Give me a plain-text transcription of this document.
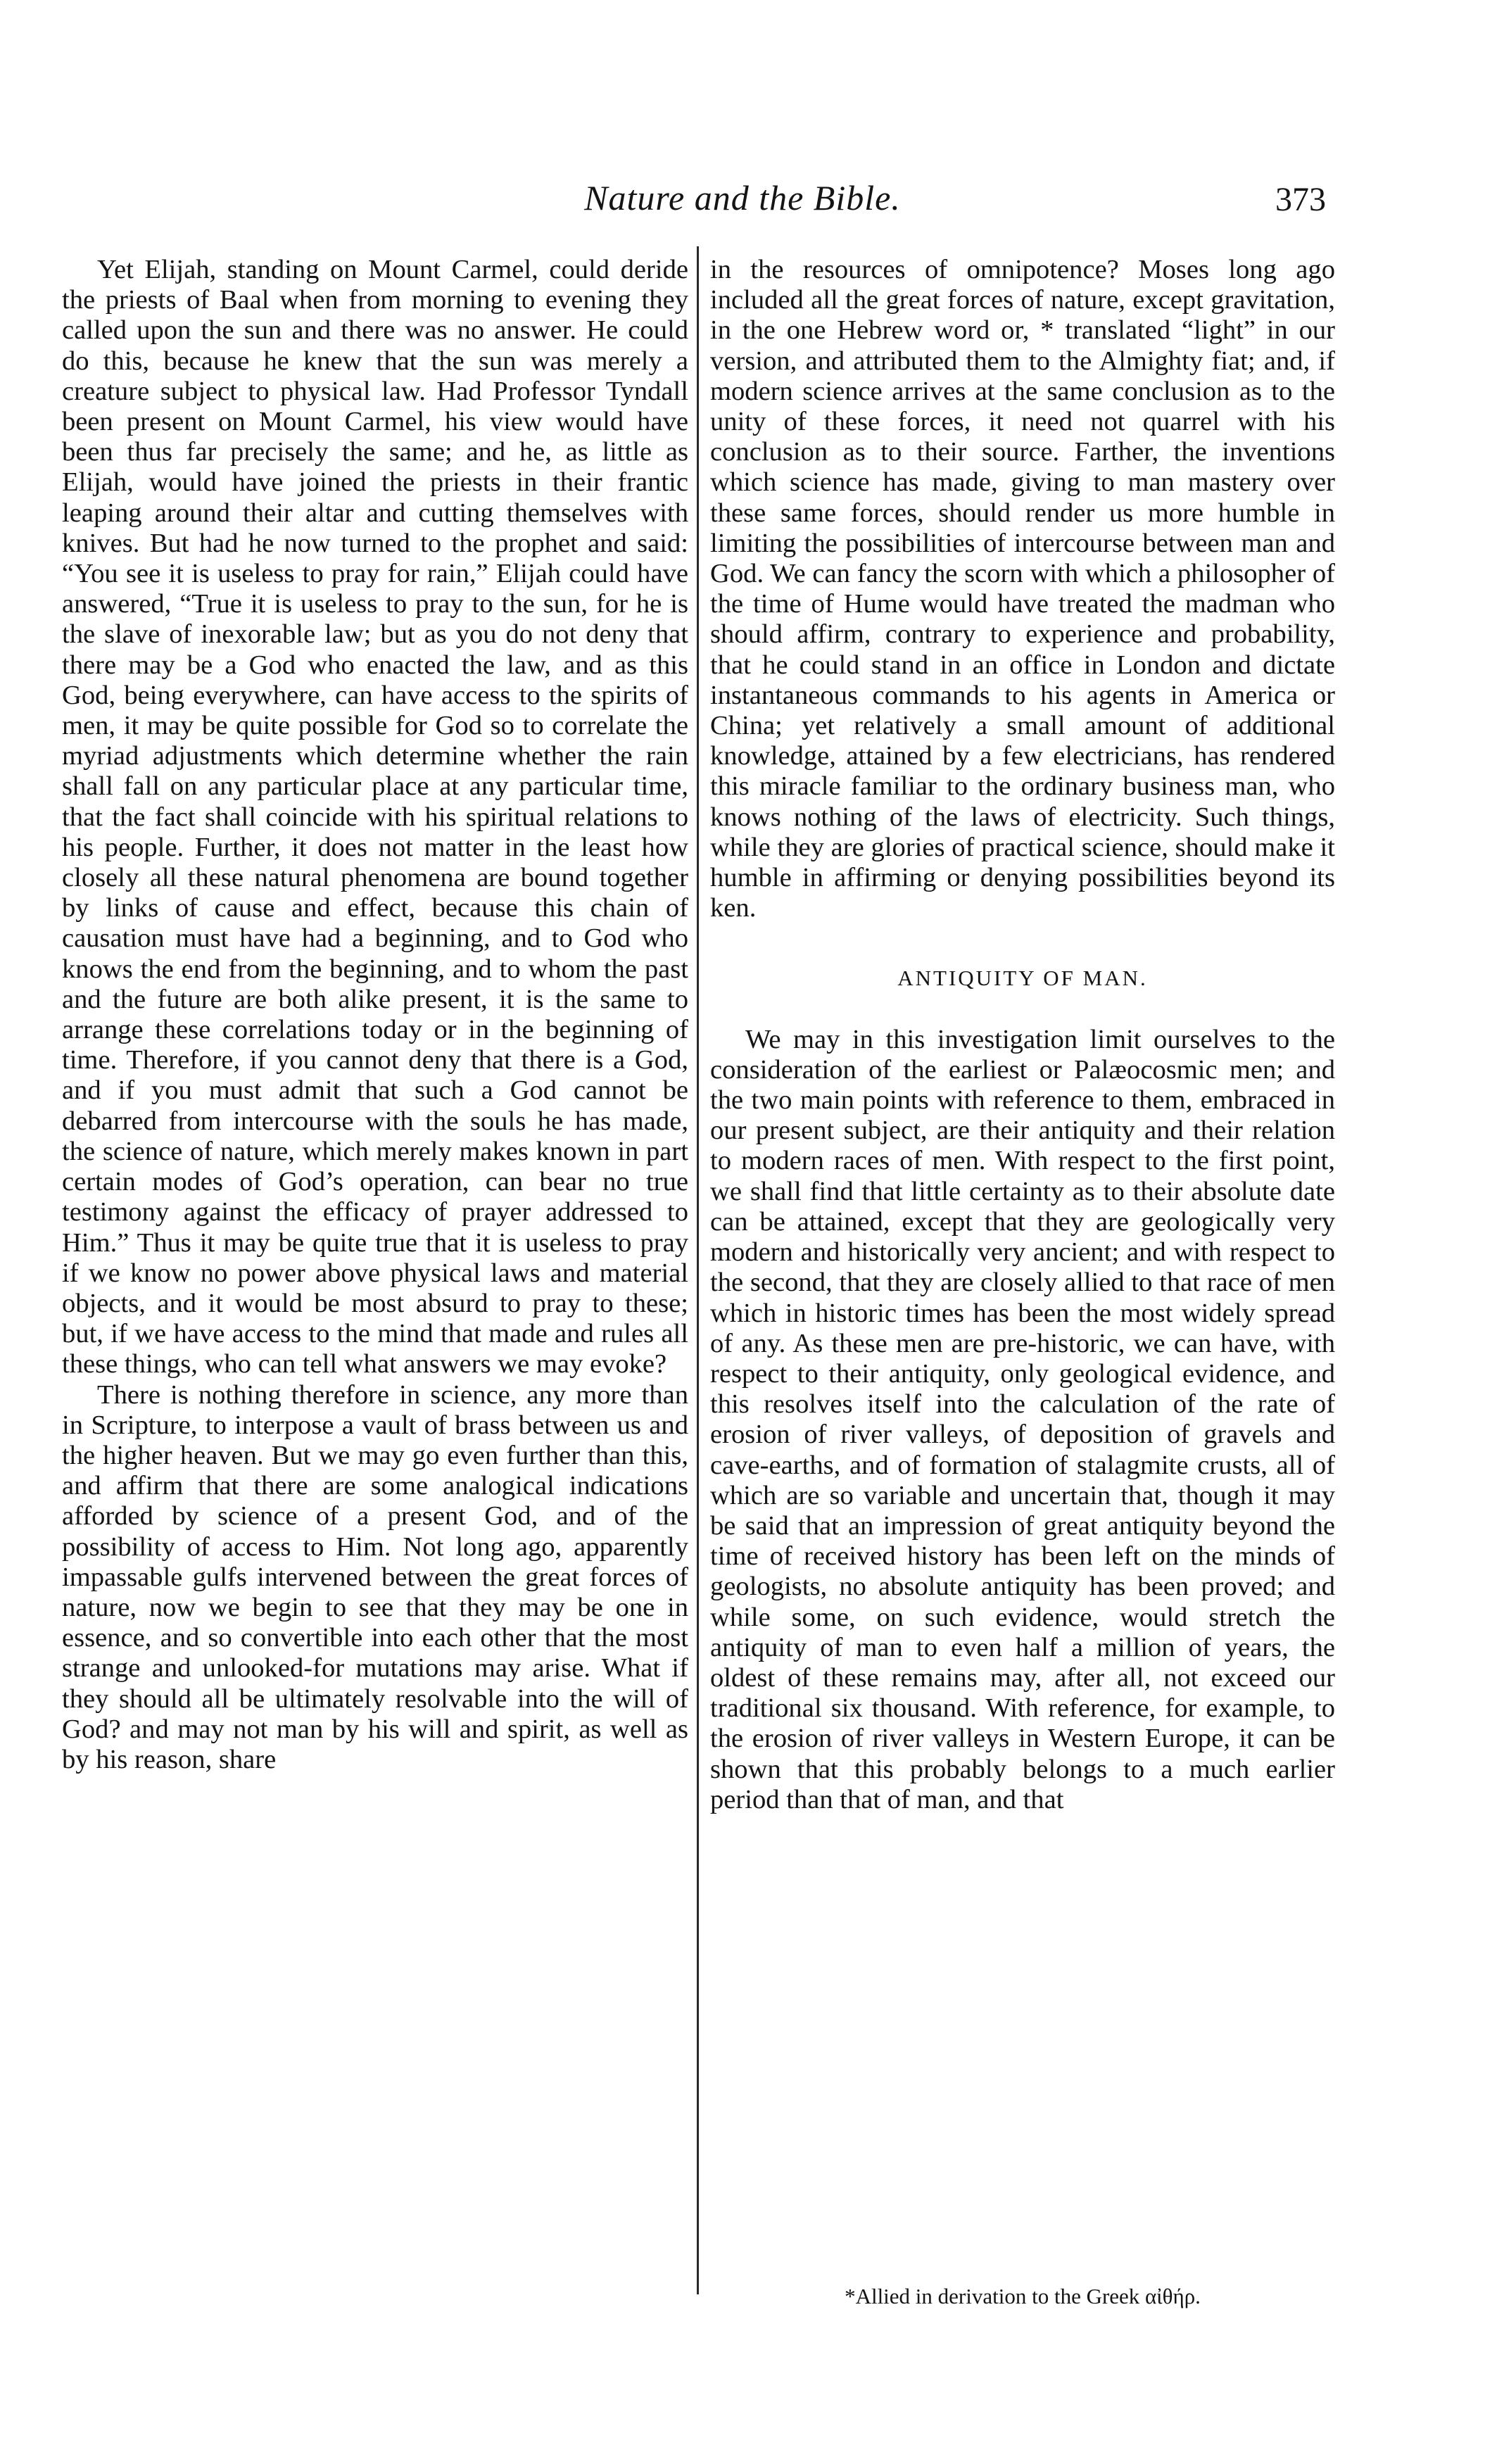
Nature and the Bible.	373

Yet Elijah, standing on Mount Carmel, could deride the priests of Baal when from morning to evening they called upon the sun and there was no answer. He could do this, because he knew that the sun was merely a creature subject to physical law. Had Professor Tyndall been present on Mount Carmel, his view would have been thus far precisely the same; and he, as little as Elijah, would have joined the priests in their frantic leaping around their altar and cutting themselves with knives. But had he now turned to the prophet and said: “You see it is useless to pray for rain,” Elijah could have answered, “True it is useless to pray to the sun, for he is the slave of inexorable law; but as you do not deny that there may be a God who enacted the law, and as this God, being everywhere, can have access to the spirits of men, it may be quite possible for God so to correlate the myriad adjustments which determine whether the rain shall fall on any particular place at any particular time, that the fact shall coincide with his spiritual relations to his people. Further, it does not matter in the least how closely all these natural phenomena are bound together by links of cause and effect, because this chain of causation must have had a beginning, and to God who knows the end from the beginning, and to whom the past and the future are both alike present, it is the same to arrange these correlations today or in the beginning of time. Therefore, if you cannot deny that there is a God, and if you must admit that such a God cannot be debarred from intercourse with the souls he has made, the science of nature, which merely makes known in part certain modes of God’s operation, can bear no true testimony against the efficacy of prayer addressed to Him.” Thus it may be quite true that it is useless to pray if we know no power above physical laws and material objects, and it would be most absurd to pray to these; but, if we have access to the mind that made and rules all these things, who can tell what answers we may evoke?

There is nothing therefore in science, any more than in Scripture, to interpose a vault of brass between us and the higher heaven. But we may go even further than this, and affirm that there are some analogical indications afforded by science of a present God, and of the possibility of access to Him. Not long ago, apparently impassable gulfs intervened between the great forces of nature, now we begin to see that they may be one in essence, and so convertible into each other that the most strange and unlooked-for mutations may arise. What if they should all be ultimately resolvable into the will of God? and may not man by his will and spirit, as well as by his reason, share

in the resources of omnipotence? Moses long ago included all the great forces of nature, except gravitation, in the one Hebrew word or, * translated “light” in our version, and attributed them to the Almighty fiat; and, if modern science arrives at the same conclusion as to the unity of these forces, it need not quarrel with his conclusion as to their source. Farther, the inventions which science has made, giving to man mastery over these same forces, should render us more humble in limiting the possibilities of intercourse between man and God. We can fancy the scorn with which a philosopher of the time of Hume would have treated the madman who should affirm, contrary to experience and probability, that he could stand in an office in London and dictate instantaneous commands to his agents in America or China; yet relatively a small amount of additional knowledge, attained by a few electricians, has rendered this miracle familiar to the ordinary business man, who knows nothing of the laws of electricity. Such things, while they are glories of practical science, should make it humble in affirming or denying possibilities beyond its ken.

ANTIQUITY OF MAN.

We may in this investigation limit ourselves to the consideration of the earliest or Palæocosmic men; and the two main points with reference to them, embraced in our present subject, are their antiquity and their relation to modern races of men. With respect to the first point, we shall find that little certainty as to their absolute date can be attained, except that they are geologically very modern and historically very ancient; and with respect to the second, that they are closely allied to that race of men which in historic times has been the most widely spread of any. As these men are pre-historic, we can have, with respect to their antiquity, only geological evidence, and this resolves itself into the calculation of the rate of erosion of river valleys, of deposition of gravels and cave-earths, and of formation of stalagmite crusts, all of which are so variable and uncertain that, though it may be said that an impression of great antiquity beyond the time of received history has been left on the minds of geologists, no absolute antiquity has been proved; and while some, on such evidence, would stretch the antiquity of man to even half a million of years, the oldest of these remains may, after all, not exceed our traditional six thousand. With reference, for example, to the erosion of river valleys in Western Europe, it can be shown that this probably belongs to a much earlier period than that of man, and that

*Allied in derivation to the Greek αἰθήρ.
